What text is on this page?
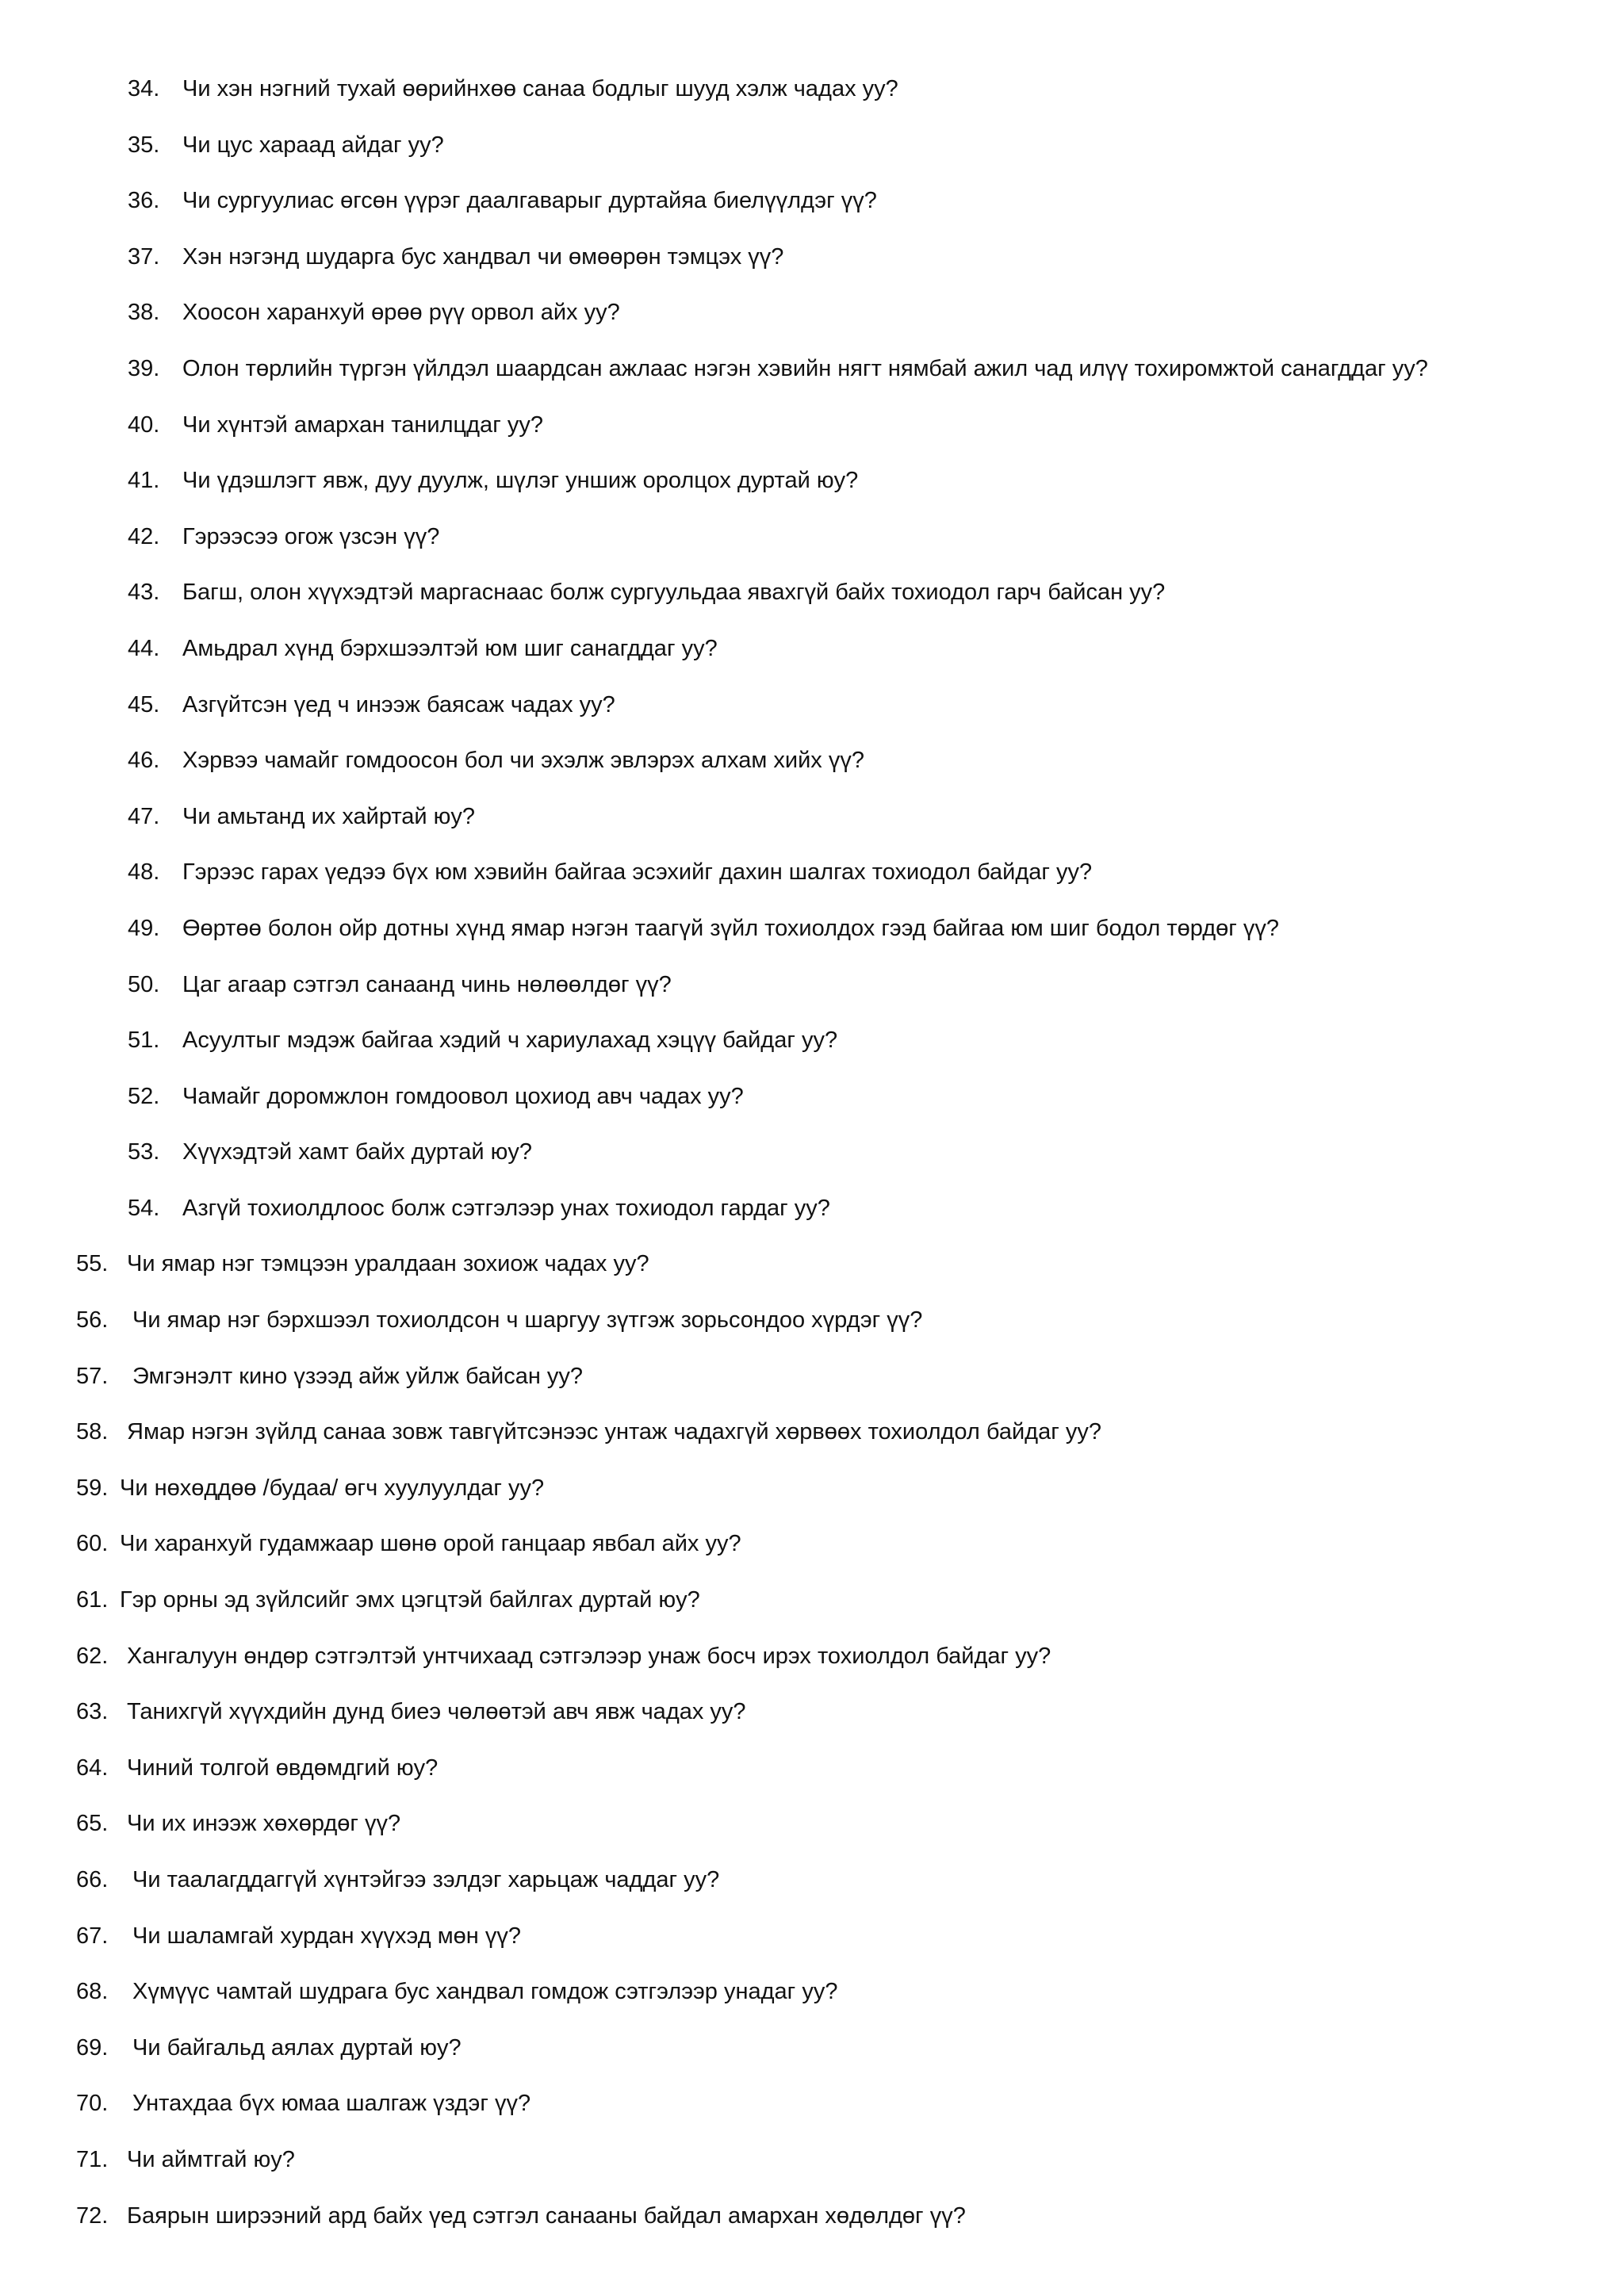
34. Чи хэн нэгний тухай өөрийнхөө санаа бодлыг шууд хэлж чадах уу?
35. Чи цус хараад айдаг уу?
36. Чи сургуулиас өгсөн үүрэг даалгаварыг дуртайяа биелүүлдэг үү?
37. Хэн нэгэнд шударга бус хандвал чи өмөөрөн тэмцэх үү?
38. Хоосон харанхуй өрөө рүү орвол айх уу?
39. Олон төрлийн түргэн үйлдэл шаардсан ажлаас нэгэн хэвийн нягт нямбай ажил чад илүү тохиромжтой санагддаг уу?
40. Чи хүнтэй амархан танилцдаг уу?
41. Чи үдэшлэгт явж, дуу дуулж, шүлэг уншиж оролцох дуртай юу?
42. Гэрээсээ огож үзсэн үү?
43. Багш, олон хүүхэдтэй маргаснаас болж сургуульдаа явахгүй байх тохиодол гарч байсан уу?
44. Амьдрал хүнд бэрхшээлтэй юм шиг санагддаг уу?
45. Азгүйтсэн үед ч инээж баясаж чадах уу?
46. Хэрвээ чамайг гомдоосон бол чи эхэлж эвлэрэх алхам хийх үү?
47. Чи амьтанд их хайртай юу?
48. Гэрээс гарах үедээ бүх юм хэвийн байгаа эсэхийг дахин шалгах тохиодол байдаг уу?
49. Өөртөө болон ойр дотны хүнд ямар нэгэн таагүй зүйл тохиолдох гээд байгаа юм шиг бодол төрдөг үү?
50. Цаг агаар сэтгэл санаанд чинь нөлөөлдөг үү?
51. Асуултыг мэдэж байгаа хэдий ч хариулахад хэцүү байдаг уу?
52. Чамайг доромжлон гомдоовол цохиод авч чадах уу?
53. Хүүхэдтэй хамт байх дуртай юу?
54. Азгүй тохиолдлоос болж сэтгэлээр унах тохиодол гардаг уу?
55. Чи ямар нэг тэмцээн уралдаан зохиож чадах уу?
56. Чи ямар нэг бэрхшээл тохиолдсон ч шаргуу зүтгэж зорьсондоо хүрдэг үү?
57. Эмгэнэлт кино үзээд айж уйлж байсан уу?
58. Ямар нэгэн зүйлд санаа зовж тавгүйтсэнээс унтаж чадахгүй хөрвөөх тохиолдол байдаг уу?
59. Чи нөхөддөө /будаа/ өгч хуулуулдаг уу?
60. Чи харанхуй гудамжаар шөнө орой ганцаар явбал айх уу?
61. Гэр орны эд зүйлсийг эмх цэгцтэй байлгах дуртай юу?
62. Хангалуун өндөр сэтгэлтэй унтчихаад сэтгэлээр унаж босч ирэх тохиолдол байдаг уу?
63. Танихгүй хүүхдийн дунд биеэ чөлөөтэй авч явж чадах уу?
64. Чиний толгой өвдөмдгий юу?
65. Чи их инээж хөхөрдөг үү?
66. Чи таалагддаггүй хүнтэйгээ зэлдэг харьцаж чаддаг уу?
67. Чи шаламгай хурдан хүүхэд мөн үү?
68. Хүмүүс чамтай шудрага бус хандвал гомдож сэтгэлээр унадаг уу?
69. Чи байгальд аялах дуртай юу?
70. Унтахдаа бүх юмаа шалгаж үздэг үү?
71. Чи аймтгай юу?
72. Баярын ширээний ард байх үед сэтгэл санааны байдал амархан хөдөлдөг үү?
